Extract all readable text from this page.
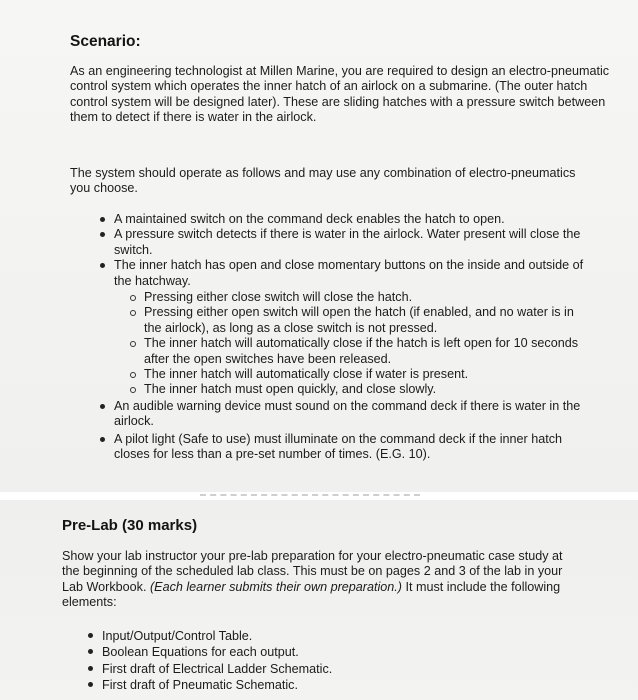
Scenario:

As an engineering technologist at Millen Marine, you are required to design an electro-pneumatic control system which operates the inner hatch of an airlock on a submarine. (The outer hatch control system will be designed later). These are sliding hatches with a pressure switch between them to detect if there is water in the airlock.

The system should operate as follows and may use any combination of electro-pneumatics you choose.

A maintained switch on the command deck enables the hatch to open.
A pressure switch detects if there is water in the airlock. Water present will close the switch.
The inner hatch has open and close momentary buttons on the inside and outside of the hatchway.
Pressing either close switch will close the hatch.
Pressing either open switch will open the hatch (if enabled, and no water is in the airlock), as long as a close switch is not pressed.
The inner hatch will automatically close if the hatch is left open for 10 seconds after the open switches have been released.
The inner hatch will automatically close if water is present.
The inner hatch must open quickly, and close slowly.
An audible warning device must sound on the command deck if there is water in the airlock.
A pilot light (Safe to use) must illuminate on the command deck if the inner hatch closes for less than a pre-set number of times. (E.G. 10).
Pre-Lab (30 marks)

Show your lab instructor your pre-lab preparation for your electro-pneumatic case study at the beginning of the scheduled lab class. This must be on pages 2 and 3 of the lab in your Lab Workbook. (Each learner submits their own preparation.) It must include the following elements:

Input/Output/Control Table.
Boolean Equations for each output.
First draft of Electrical Ladder Schematic.
First draft of Pneumatic Schematic.
